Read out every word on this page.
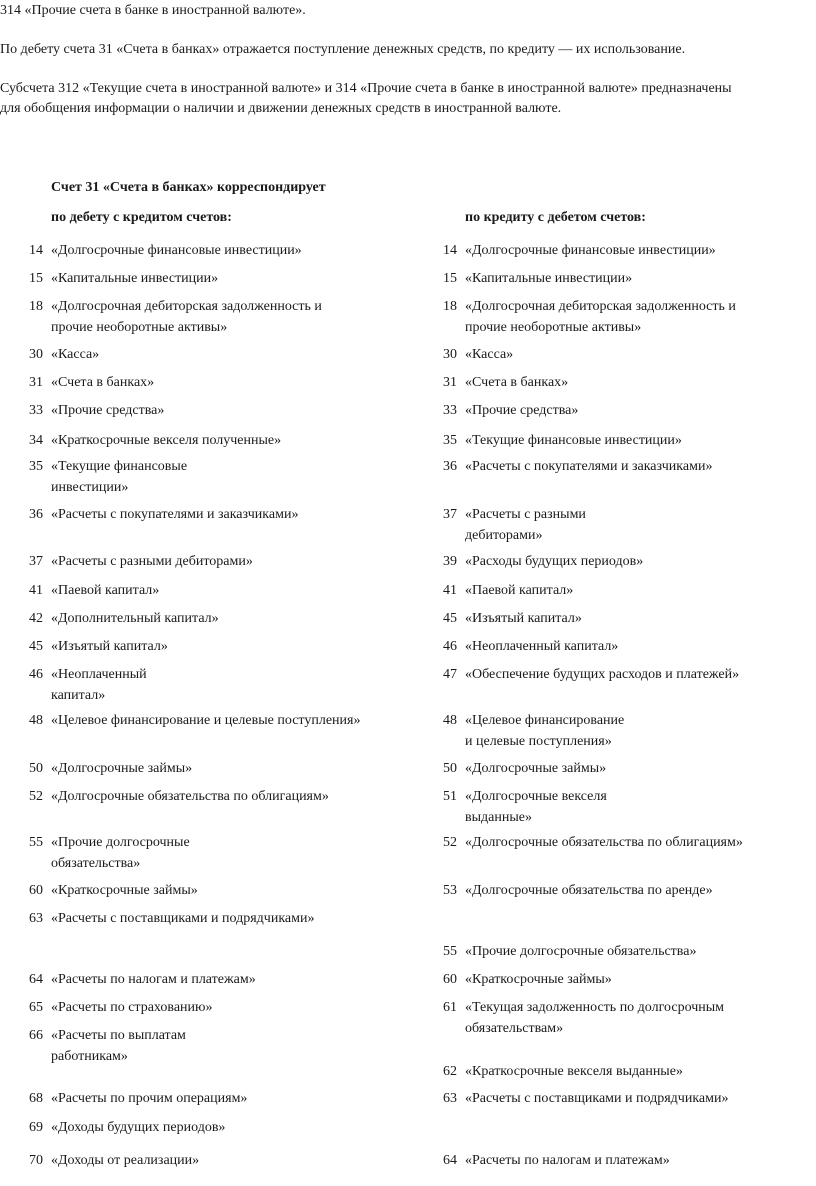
314 «Прочие счета в банке в иностранной валюте».

По дебету счета 31 «Счета в банках» отражается поступление денежных средств, по кредиту — их использование.

Субсчета 312 «Текущие счета в иностранной валюте» и 314 «Прочие счета в банке в иностранной валюте» предназначены

для обобщения информации о наличии и движении денежных средств в иностранной валюте.

Счет 31 «Счета в банках» корреспондирует
по дебету с кредитом счетов:	по кредиту с дебетом счетов:
14 «Долгосрочные финансовые инвестиции»
15 «Капитальные инвестиции»
18 «Долгосрочная дебиторская задолженность и
прочие необоротные активы»
30 «Касса»
31 «Счета в банках»
33 «Прочие средства»
34 «Краткосрочные векселя полученные»
35 «Текущие финансовые
инвестиции»
36 «Расчеты с покупателями и заказчиками»
37 «Расчеты с разными дебиторами»
41 «Паевой капитал»
42 «Дополнительный капитал»
45 «Изъятый капитал»
46 «Неоплаченный
капитал»
48 «Целевое финансирование и целевые поступления»
50 «Долгосрочные займы»
52 «Долгосрочные обязательства по облигациям»
55 «Прочие долгосрочные
обязательства»
60 «Краткосрочные займы»
63 «Расчеты с поставщиками и подрядчиками»
64 «Расчеты по налогам и платежам»
65 «Расчеты по страхованию»
66 «Расчеты по выплатам
работникам»
68 «Расчеты по прочим операциям»
69 «Доходы будущих периодов»
70 «Доходы от реализации»
14 «Долгосрочные финансовые инвестиции»
15 «Капитальные инвестиции»
18 «Долгосрочная дебиторская задолженность и
прочие необоротные активы»
30 «Касса»
31 «Счета в банках»
33 «Прочие средства»
35 «Текущие финансовые инвестиции»
36 «Расчеты с покупателями и заказчиками»
37 «Расчеты с разными
дебиторами»
39 «Расходы будущих периодов»
41 «Паевой капитал»
45 «Изъятый капитал»
46 «Неоплаченный капитал»
47 «Обеспечение будущих расходов и платежей»
48 «Целевое финансирование
и целевые поступления»
50 «Долгосрочные займы»
51 «Долгосрочные векселя
выданные»
52 «Долгосрочные обязательства по облигациям»
53 «Долгосрочные обязательства по аренде»
55 «Прочие долгосрочные обязательства»
60 «Краткосрочные займы»
61 «Текущая задолженность по долгосрочным
обязательствам»
62 «Краткосрочные векселя выданные»
63 «Расчеты с поставщиками и подрядчиками»
64 «Расчеты по налогам и платежам»
